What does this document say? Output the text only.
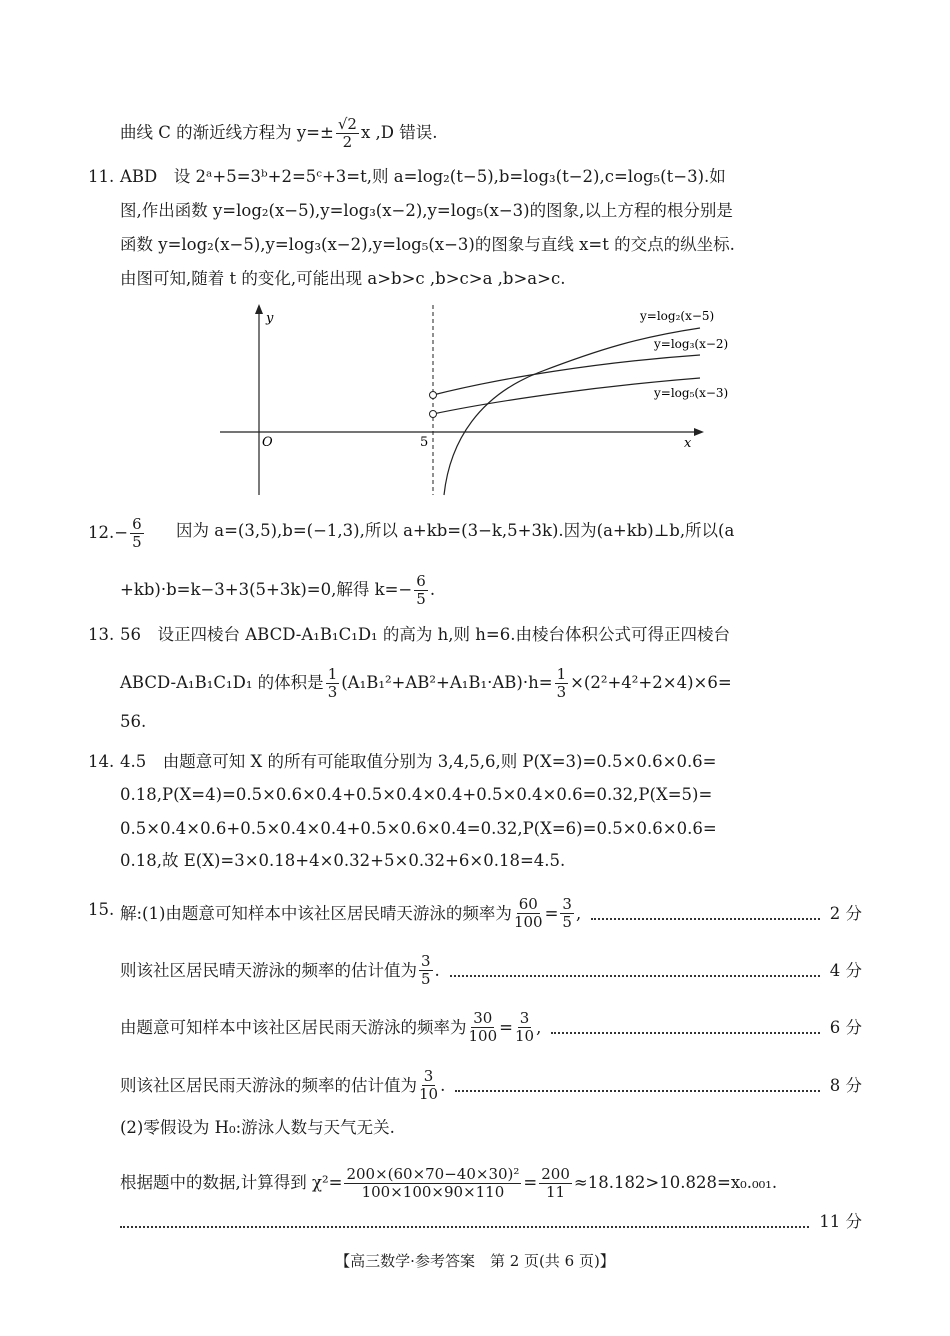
曲线 C 的渐近线方程为 $y=\pm \frac{√2}{2}$ x ,D 错误.
11. ABD　设 2ᵃ+5=3ᵇ+2=5ᶜ+3=t,则 a=log₂(t−5),b=log₃(t−2),c=log₅(t−3).如
图,作出函数 y=log₂(x−5),y=log₃(x−2),y=log₅(x−3)的图象,以上方程的根分别是
函数 y=log₂(x−5),y=log₃(x−2),y=log₅(x−3)的图象与直线 x=t 的交点的纵坐标.
由图可知,随着 t 的变化,可能出现 a>b>c ,b>c>a ,b>a>c.
y
x
O	5
y=log₂(x−5)
y=log₃(x−2)
y=log₅(x−3)
$12.- \frac{6}{5}$ 因为 a=(3,5),b=(−1,3),所以 a+kb=(3−k,5+3k).因为(a+kb)⊥b,所以(a
+kb)·b=k−3+3(5+3k)=0,解得 $k=- \frac{6}{5}$ .
13. 56　设正四棱台 ABCD-A₁B₁C₁D₁ 的高为 h,则 h=6.由棱台体积公式可得正四棱台
ABCD-A₁B₁C₁D₁ 的体积是 $\frac{1}{3} (A_1B_1^2+AB^2+A_1B_1\cdot AB)\cdot h= \frac{1}{3} \times(2^2+4^2+2\times 4)\times 6=$
56.
14. 4.5　由题意可知 X 的所有可能取值分别为 3,4,5,6,则 P(X=3)=0.5×0.6×0.6=
0.18,P(X=4)=0.5×0.6×0.4+0.5×0.4×0.4+0.5×0.4×0.6=0.32,P(X=5)=
0.5×0.4×0.6+0.5×0.4×0.4+0.5×0.6×0.4=0.32,P(X=6)=0.5×0.6×0.6=
0.18,故 E(X)=3×0.18+4×0.32+5×0.32+6×0.18=4.5.
15. 解:(1)由题意可知样本中该社区居民晴天游泳的频率为 $\frac{60}{100} = \frac{3}{5}$ ,	2 分
则该社区居民晴天游泳的频率的估计值为 $\frac{3}{5}$ .	4 分
由题意可知样本中该社区居民雨天游泳的频率为 $\frac{30}{100} = \frac{3}{10}$ ,	6 分
则该社区居民雨天游泳的频率的估计值为 $\frac{3}{10}$ .	8 分
(2)零假设为 H₀:游泳人数与天气无关.
根据题中的数据,计算得到 $\chi^2= \frac{\text{200×(60×70−40×30)²}}{100\times 100\times 90\times 110} = \frac{200}{11} \approx 18.182>10.828=x_0._{001}$.
11 分
【高三数学·参考答案　第 2 页(共 6 页)】
